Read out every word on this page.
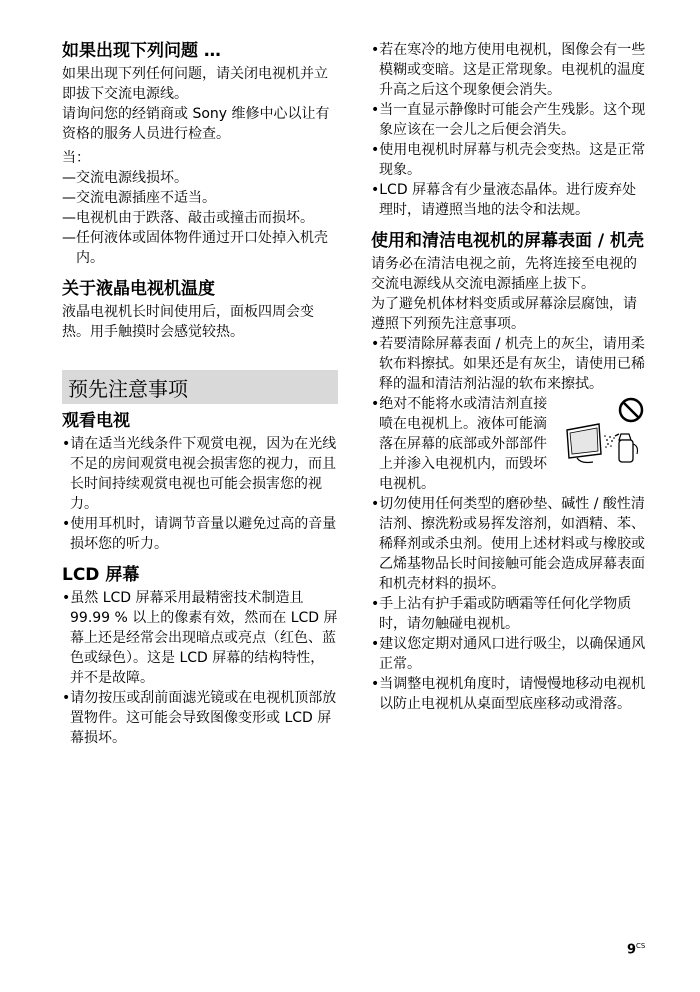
如果出现下列问题 …

如果出现下列任何问题，请关闭电视机并立即拔下交流电源线。

请询问您的经销商或 Sony 维修中心以让有资格的服务人员进行检查。

当：

—交流电源线损坏。

—交流电源插座不适当。

—电视机由于跌落、敲击或撞击而损坏。

—任何液体或固体物件通过开口处掉入机壳内。

关于液晶电视机温度

液晶电视机长时间使用后，面板四周会变热。用手触摸时会感觉较热。

预先注意事项
观看电视

•请在适当光线条件下观赏电视，因为在光线不足的房间观赏电视会损害您的视力，而且长时间持续观赏电视也可能会损害您的视力。

•使用耳机时，请调节音量以避免过高的音量损坏您的听力。

LCD 屏幕

•虽然 LCD 屏幕采用最精密技术制造且 99.99 % 以上的像素有效，然而在 LCD 屏幕上还是经常会出现暗点或亮点（红色、蓝色或绿色）。这是 LCD 屏幕的结构特性，并不是故障。

•请勿按压或刮前面滤光镜或在电视机顶部放置物件。这可能会导致图像变形或 LCD 屏幕损坏。

•若在寒冷的地方使用电视机，图像会有一些模糊或变暗。这是正常现象。电视机的温度升高之后这个现象便会消失。

•当一直显示静像时可能会产生残影。这个现象应该在一会儿之后便会消失。

•使用电视机时屏幕与机壳会变热。这是正常现象。

•LCD 屏幕含有少量液态晶体。进行废弃处理时，请遵照当地的法令和法规。

使用和清洁电视机的屏幕表面 / 机壳

请务必在清洁电视之前，先将连接至电视的交流电源线从交流电源插座上拔下。

为了避免机体材料变质或屏幕涂层腐蚀，请遵照下列预先注意事项。

•若要清除屏幕表面 / 机壳上的灰尘，请用柔软布料擦拭。如果还是有灰尘，请使用已稀释的温和清洁剂沾湿的软布来擦拭。

•绝对不能将水或清洁剂直接喷在电视机上。液体可能滴落在屏幕的底部或外部部件上并渗入电视机内，而毁坏电视机。

•切勿使用任何类型的磨砂垫、碱性 / 酸性清洁剂、擦洗粉或易挥发溶剂，如酒精、苯、稀释剂或杀虫剂。使用上述材料或与橡胶或乙烯基物品长时间接触可能会造成屏幕表面和机壳材料的损坏。

•手上沾有护手霜或防晒霜等任何化学物质时，请勿触碰电视机。

•建议您定期对通风口进行吸尘，以确保通风正常。

•当调整电视机角度时，请慢慢地移动电视机以防止电视机从桌面型底座移动或滑落。

$9^{CS}$
